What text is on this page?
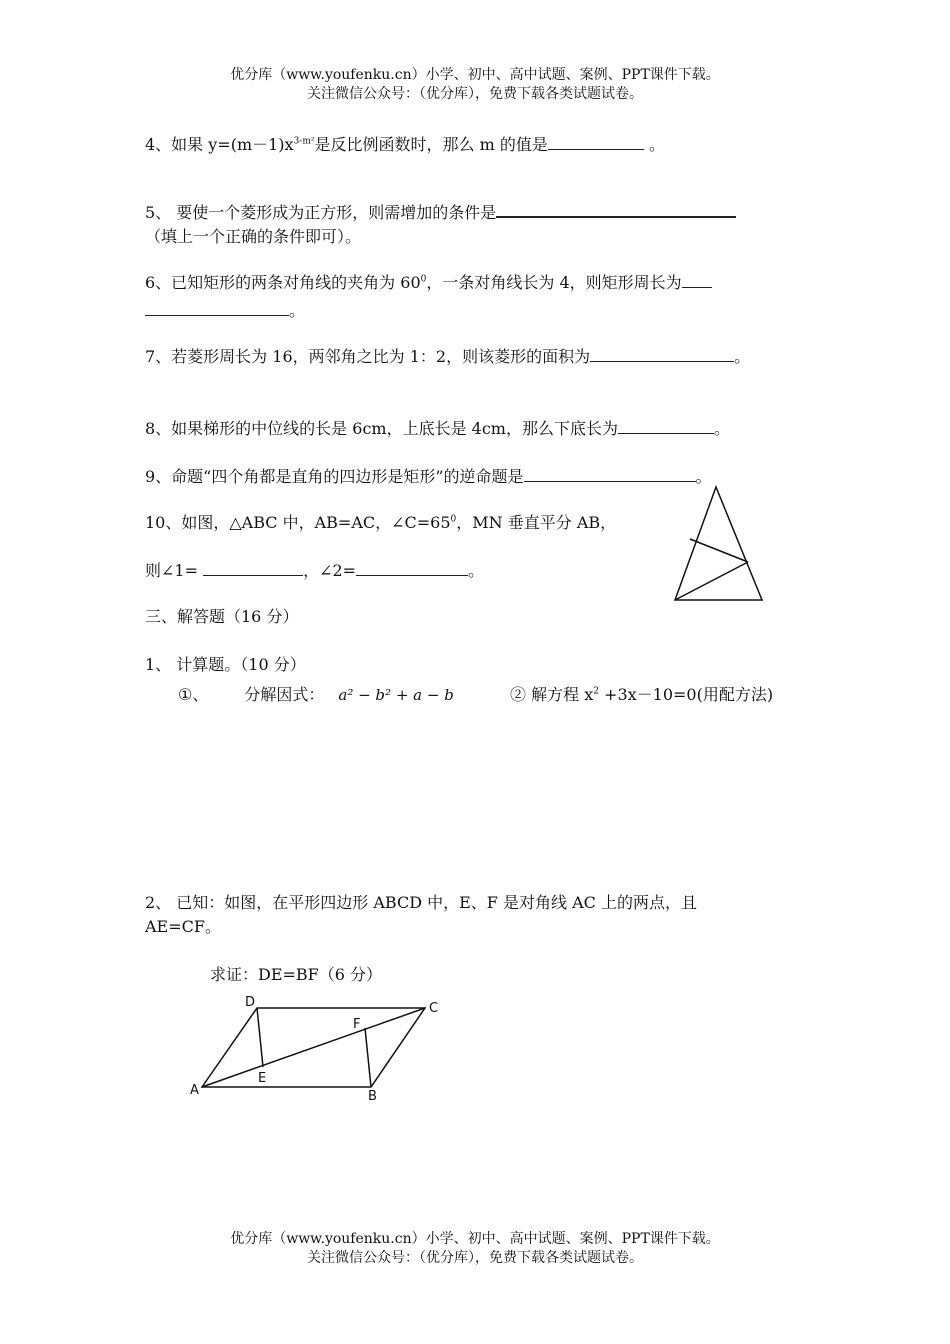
优分库（www.youfenku.cn）小学、初中、高中试题、案例、PPT课件下载。
关注微信公众号：（优分库），免费下载各类试题试卷。
4、如果 $y=(m-1)x^{3-m^2}$是反比例函数时，那么 m 的值是	。
5、 要使一个菱形成为正方形，则需增加的条件是
（填上一个正确的条件即可）。
6、已知矩形的两条对角线的夹角为 $60^0$，一条对角线长为 4，则矩形周长为
。
7、若菱形周长为 16，两邻角之比为 1：2，则该菱形的面积为	。
8、如果梯形的中位线的长是 6cm，上底长是 4cm，那么下底长为	。
9、命题“四个角都是直角的四边形是矩形”的逆命题是	。
10、如图，△ABC 中，AB=AC，$\angle C=65^0$，MN 垂直平分 AB，
则∠1=	，∠2=	。
三、解答题（16 分）
1、 计算题。（10 分）
①、 分解因式： a² − b² + a − b	② 解方程 $x^2 +3x-10=0$(用配方法)
2、 已知：如图，在平形四边形 ABCD 中，E、F 是对角线 AC 上的两点，且
AE=CF。
求证：DE=BF（6 分）
D	C
F
E
A	B
优分库（www.youfenku.cn）小学、初中、高中试题、案例、PPT课件下载。
关注微信公众号：（优分库），免费下载各类试题试卷。
